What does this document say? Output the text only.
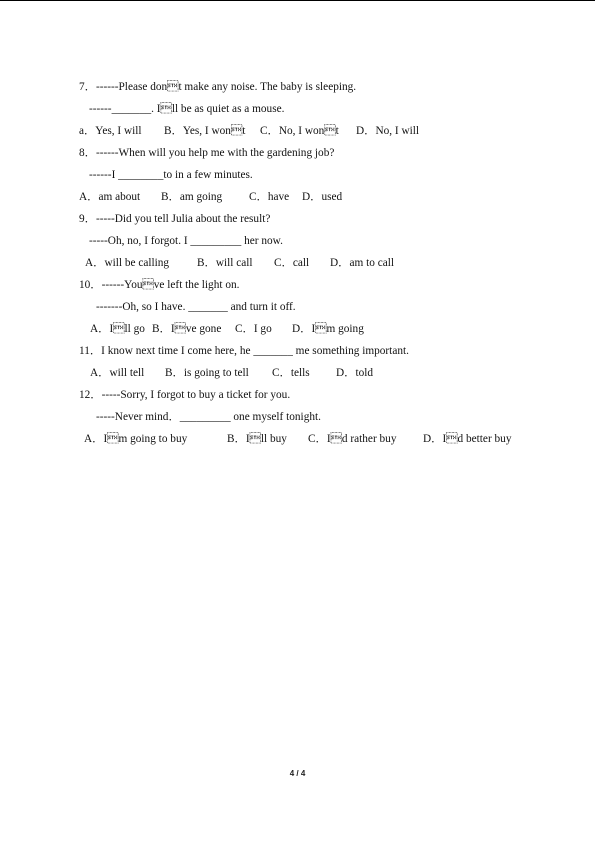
7．------Please dont make any noise. The baby is sleeping.
------_______. Ill be as quiet as a mouse.
a．Yes, I will B．Yes, I wont C．No, I wont D．No, I will
8．------When will you help me with the gardening job?
------I ________to in a few minutes.
A．am about B．am going C．have D．used
9．-----Did you tell Julia about the result?
-----Oh, no, I forgot. I _________ her now.
A．will be calling B．will call C．call D．am to call
10．------Youve left the light on.
-------Oh, so I have. _______ and turn it off.
A．Ill go B．Ive gone C．I go D．Im going
11．I know next time I come here, he _______ me something important.
A．will tell B．is going to tell C．tells D．told
12．-----Sorry, I forgot to buy a ticket for you.
-----Never mind．_________ one myself tonight.
A．Im going to buy	B．Ill buy C．Id rather buy D．Id better buy
4 / 4
